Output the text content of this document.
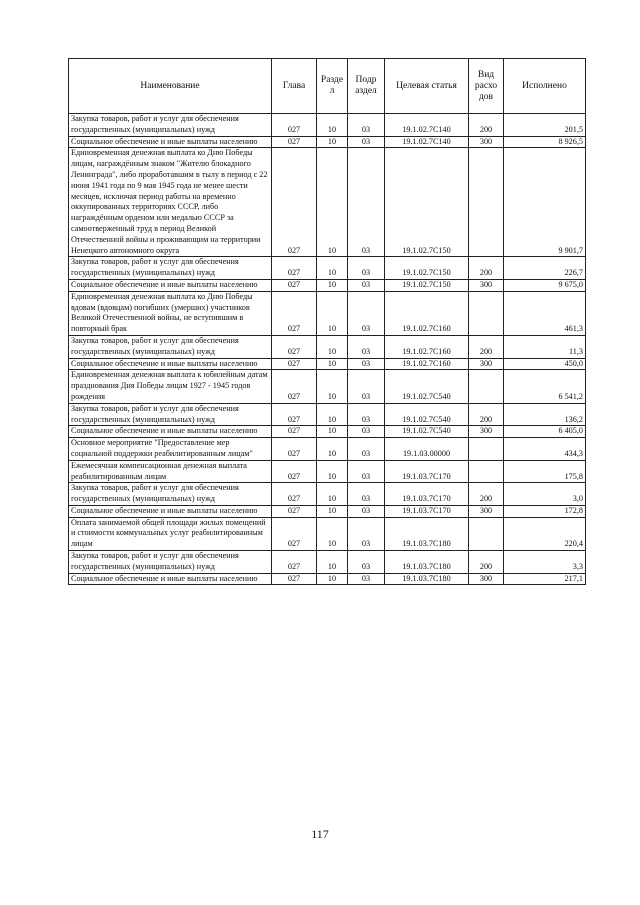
Наименование	Глава	Разде л	Подр аздел	Целевая статья	Вид расхо дов	Исполнено
Закупка товаров, работ и услуг для обеспечения государственных (муниципальных) нужд	027	10	03	19.1.02.7С140	200	201,5
Социальное обеспечение и иные выплаты населению	027	10	03	19.1.02.7С140	300	8 926,5
Единовременная денежная выплата ко Дню Победы лицам, награждённым знаком "Жителю блокадного Ленинграда", либо проработавшим в тылу в период с 22 июня 1941 года по 9 мая 1945 года не менее шести месяцев, исключая период работы на временно оккупированных территориях СССР, либо награждённым орденом или медалью СССР за самоотверженный труд в период Великой Отечественной войны и проживающим на территории Ненецкого автономного округа	027	10	03	19.1.02.7С150		9 901,7
Закупка товаров, работ и услуг для обеспечения государственных (муниципальных) нужд	027	10	03	19.1.02.7С150	200	226,7
Социальное обеспечение и иные выплаты населению	027	10	03	19.1.02.7С150	300	9 675,0
Единовременная денежная выплата ко Дню Победы вдовам (вдовцам) погибших (умерших) участников Великой Отечественной войны, не вступившим в повторный брак	027	10	03	19.1.02.7С160		461,3
Закупка товаров, работ и услуг для обеспечения государственных (муниципальных) нужд	027	10	03	19.1.02.7С160	200	11,3
Социальное обеспечение и иные выплаты населению	027	10	03	19.1.02.7С160	300	450,0
Единовременная денежная выплата к юбилейным датам празднования Дня Победы лицам 1927 - 1945 годов рождения	027	10	03	19.1.02.7С540		6 541,2
Закупка товаров, работ и услуг для обеспечения государственных (муниципальных) нужд	027	10	03	19.1.02.7С540	200	136,2
Социальное обеспечение и иные выплаты населению	027	10	03	19.1.02.7С540	300	6 405,0
Основное мероприятие "Предоставление мер социальной поддержки реабилитированным лицам"	027	10	03	19.1.03.00000		434,3
Ежемесячная компенсационная денежная выплата реабилитированным лицам	027	10	03	19.1.03.7С170		175,8
Закупка товаров, работ и услуг для обеспечения государственных (муниципальных) нужд	027	10	03	19.1.03.7С170	200	3,0
Социальное обеспечение и иные выплаты населению	027	10	03	19.1.03.7С170	300	172,8
Оплата занимаемой общей площади жилых помещений и стоимости коммунальных услуг реабилитированным лицам	027	10	03	19.1.03.7С180		220,4
Закупка товаров, работ и услуг для обеспечения государственных (муниципальных) нужд	027	10	03	19.1.03.7С180	200	3,3
Социальное обеспечение и иные выплаты населению	027	10	03	19.1.03.7С180	300	217,1
117
